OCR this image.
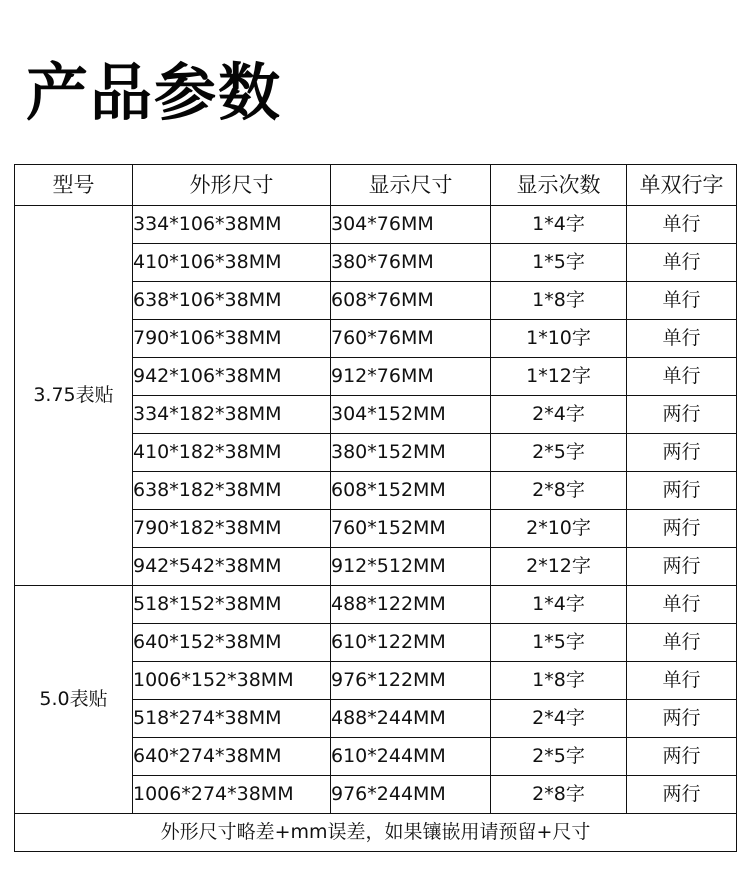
产品参数
型号	外形尺寸	显示尺寸	显示次数	单双行字
3.75表贴	334*106*38MM	304*76MM	1*4字	单行
	410*106*38MM	380*76MM	1*5字	单行
	638*106*38MM	608*76MM	1*8字	单行
	790*106*38MM	760*76MM	1*10字	单行
	942*106*38MM	912*76MM	1*12字	单行
	334*182*38MM	304*152MM	2*4字	两行
	410*182*38MM	380*152MM	2*5字	两行
	638*182*38MM	608*152MM	2*8字	两行
	790*182*38MM	760*152MM	2*10字	两行
	942*542*38MM	912*512MM	2*12字	两行
5.0表贴	518*152*38MM	488*122MM	1*4字	单行
	640*152*38MM	610*122MM	1*5字	单行
	1006*152*38MM	976*122MM	1*8字	单行
	518*274*38MM	488*244MM	2*4字	两行
	640*274*38MM	610*244MM	2*5字	两行
	1006*274*38MM	976*244MM	2*8字	两行
外形尺寸略差+mm误差，如果镶嵌用请预留+尺寸				
